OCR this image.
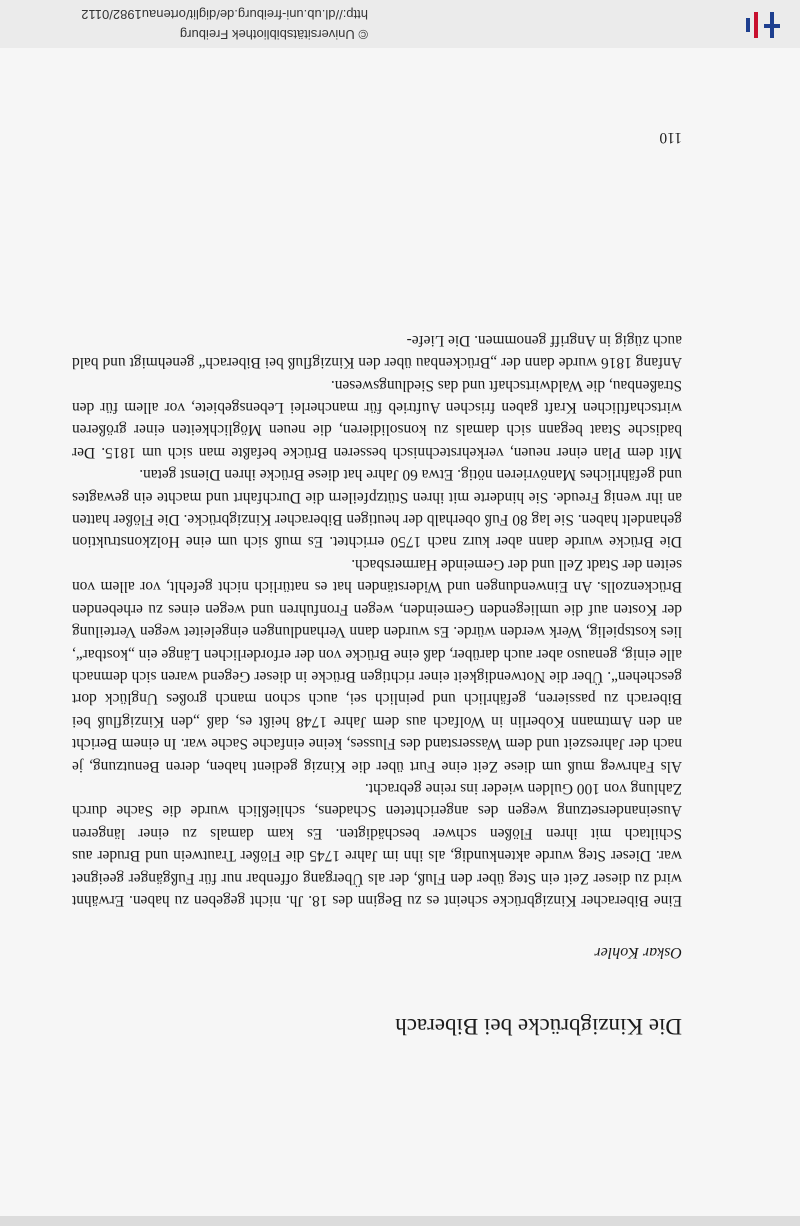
© Universitätsbibliothek Freiburg
http://dl.ub.uni-freiburg.de/diglit/ortenau1982/0112
Die Kinzigbrücke bei Biberach
Oskar Kohler

Eine Biberacher Kinzigbrücke scheint es zu Beginn des 18. Jh. nicht gegeben zu haben. Erwähnt wird zu dieser Zeit ein Steg über den Fluß, der als Übergang offenbar nur für Fußgänger geeignet war. Dieser Steg wurde aktenkundig, als ihn im Jahre 1745 die Flößer Trautwein und Bruder aus Schiltach mit ihren Flößen schwer beschädigten. Es kam damals zu einer längeren Auseinandersetzung wegen des angerichteten Schadens, schließlich wurde die Sache durch Zahlung von 100 Gulden wieder ins reine gebracht.

Als Fahrweg muß um diese Zeit eine Furt über die Kinzig gedient haben, deren Benutzung, je nach der Jahreszeit und dem Wasserstand des Flusses, keine einfache Sache war. In einem Bericht an den Amtmann Koberlin in Wolfach aus dem Jahre 1748 heißt es, daß „den Kinzigfluß bei Biberach zu passieren, gefährlich und peinlich sei, auch schon manch großes Unglück dort geschehen“. Über die Notwendigkeit einer richtigen Brücke in dieser Gegend waren sich demnach alle einig, genauso aber auch darüber, daß eine Brücke von der erforderlichen Länge ein „kostbar“, lies kostspielig, Werk werden würde. Es wurden dann Verhandlungen eingeleitet wegen Verteilung der Kosten auf die umliegenden Gemeinden, wegen Fronfuhren und wegen eines zu erhebenden Brückenzolls. An Einwendungen und Widerständen hat es natürlich nicht gefehlt, vor allem von seiten der Stadt Zell und der Gemeinde Harmersbach.

Die Brücke wurde dann aber kurz nach 1750 errichtet. Es muß sich um eine Holzkonstruktion gehandelt haben. Sie lag 80 Fuß oberhalb der heutigen Biberacher Kinzigbrücke. Die Flößer hatten an ihr wenig Freude. Sie hinderte mit ihren Stützpfeilern die Durchfahrt und machte ein gewagtes und gefährliches Manövrieren nötig. Etwa 60 Jahre hat diese Brücke ihren Dienst getan.

Mit dem Plan einer neuen, verkehrstechnisch besseren Brücke befaßte man sich um 1815. Der badische Staat begann sich damals zu konsolidieren, die neuen Möglichkeiten einer größeren wirtschaftlichen Kraft gaben frischen Auftrieb für mancherlei Lebensgebiete, vor allem für den Straßenbau, die Waldwirtschaft und das Siedlungswesen.

Anfang 1816 wurde dann der „Brückenbau über den Kinzigfluß bei Biberach“ genehmigt und bald auch zügig in Angriff genommen. Die Liefe-

110
